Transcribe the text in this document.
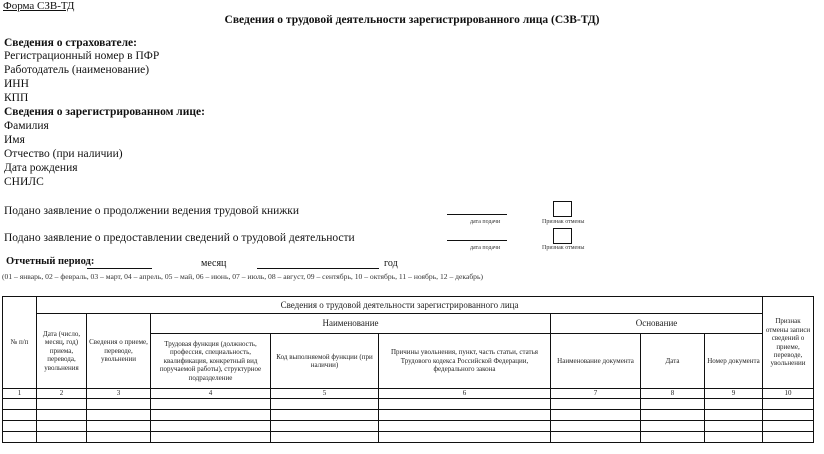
Форма СЗВ-ТД
Сведения о трудовой деятельности зарегистрированного лица (СЗВ-ТД)
Сведения о страхователе:
Регистрационный номер в ПФР
Работодатель (наименование)
ИНН
КПП
Сведения о зарегистрированном лице:
Фамилия
Имя
Отчество (при наличии)
Дата рождения
СНИЛС
Подано заявление о продолжении ведения трудовой книжки
дата подачи	Признак отмены
Подано заявление о предоставлении сведений о трудовой деятельности
дата подачи	Признак отмены
Отчетный период:	месяц	год
(01 – январь, 02 – февраль, 03 – март, 04 – апрель, 05 – май, 06 – июнь, 07 – июль, 08 – август, 09 – сентябрь, 10 – октябрь, 11 – ноябрь, 12 – декабрь)
№ п/п	Сведения о трудовой деятельности зарегистрированного лица								Признак отмены записи сведений о приеме, переводе, увольнении
	Дата (число, месяц, год) приема, перевода, увольнения	Сведения о приеме, переводе, увольнении	Наименование			Основание			
			Трудовая функция (должность, профессия, специальность, квалификация, конкретный вид поручаемой работы), структурное подразделение	Код выполняемой функции (при наличии)	Причины увольнения, пункт, часть статьи, статья Трудового кодекса Российской Федерации, федерального закона	Наименование документа	Дата	Номер документа	
1	2	3	4	5	6	7	8	9	10
